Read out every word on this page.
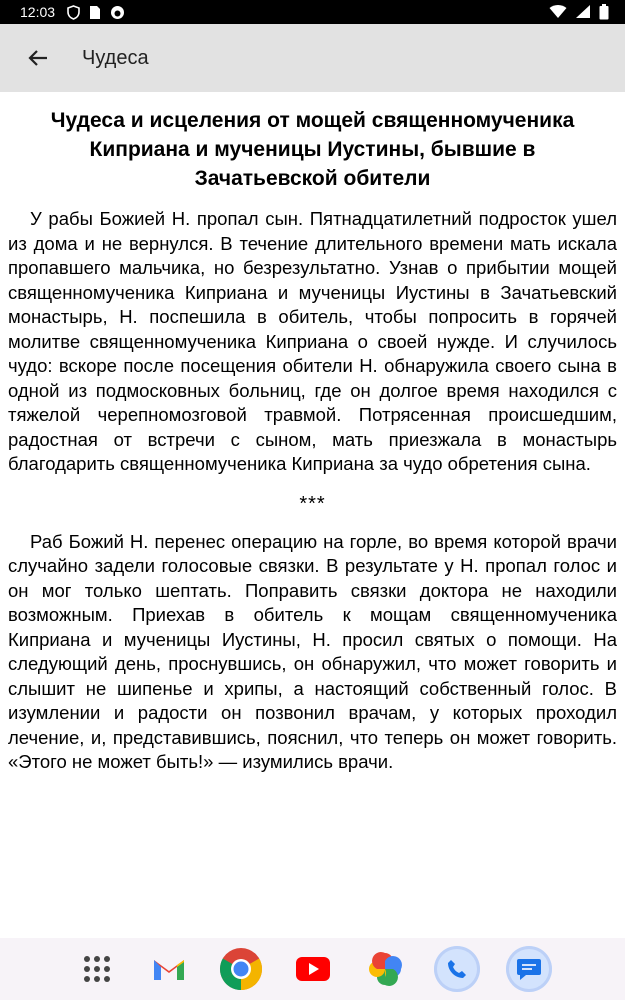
12:03
Чудеса
Чудеса и исцеления от мощей священномученика Киприана и мученицы Иустины, бывшие в Зачатьевской обители

У рабы Божией Н. пропал сын. Пятнадцатилетний подросток ушел из дома и не вернулся. В течение длительного времени мать искала пропавшего мальчика, но безрезультатно. Узнав о прибытии мощей священномученика Киприана и мученицы Иустины в Зачатьевский монастырь, Н. поспешила в обитель, чтобы попросить в горячей молитве священномученика Киприана о своей нужде. И случилось чудо: вскоре после посещения обители Н. обнаружила своего сына в одной из подмосковных больниц, где он долгое время находился с тяжелой черепномозговой травмой. Потрясенная происшедшим, радостная от встречи с сыном, мать приезжала в монастырь благодарить священномученика Киприана за чудо обретения сына.

***

Раб Божий Н. перенес операцию на горле, во время которой врачи случайно задели голосовые связки. В результате у Н. пропал голос и он мог только шептать. Поправить связки доктора не находили возможным. Приехав в обитель к мощам священномученика Киприана и мученицы Иустины, Н. просил святых о помощи. На следующий день, проснувшись, он обнаружил, что может говорить и слышит не шипенье и хрипы, а настоящий собственный голос. В изумлении и радости он позвонил врачам, у которых проходил лечение, и, представившись, пояснил, что теперь он может говорить. «Этого не может быть!» — изумились врачи.
